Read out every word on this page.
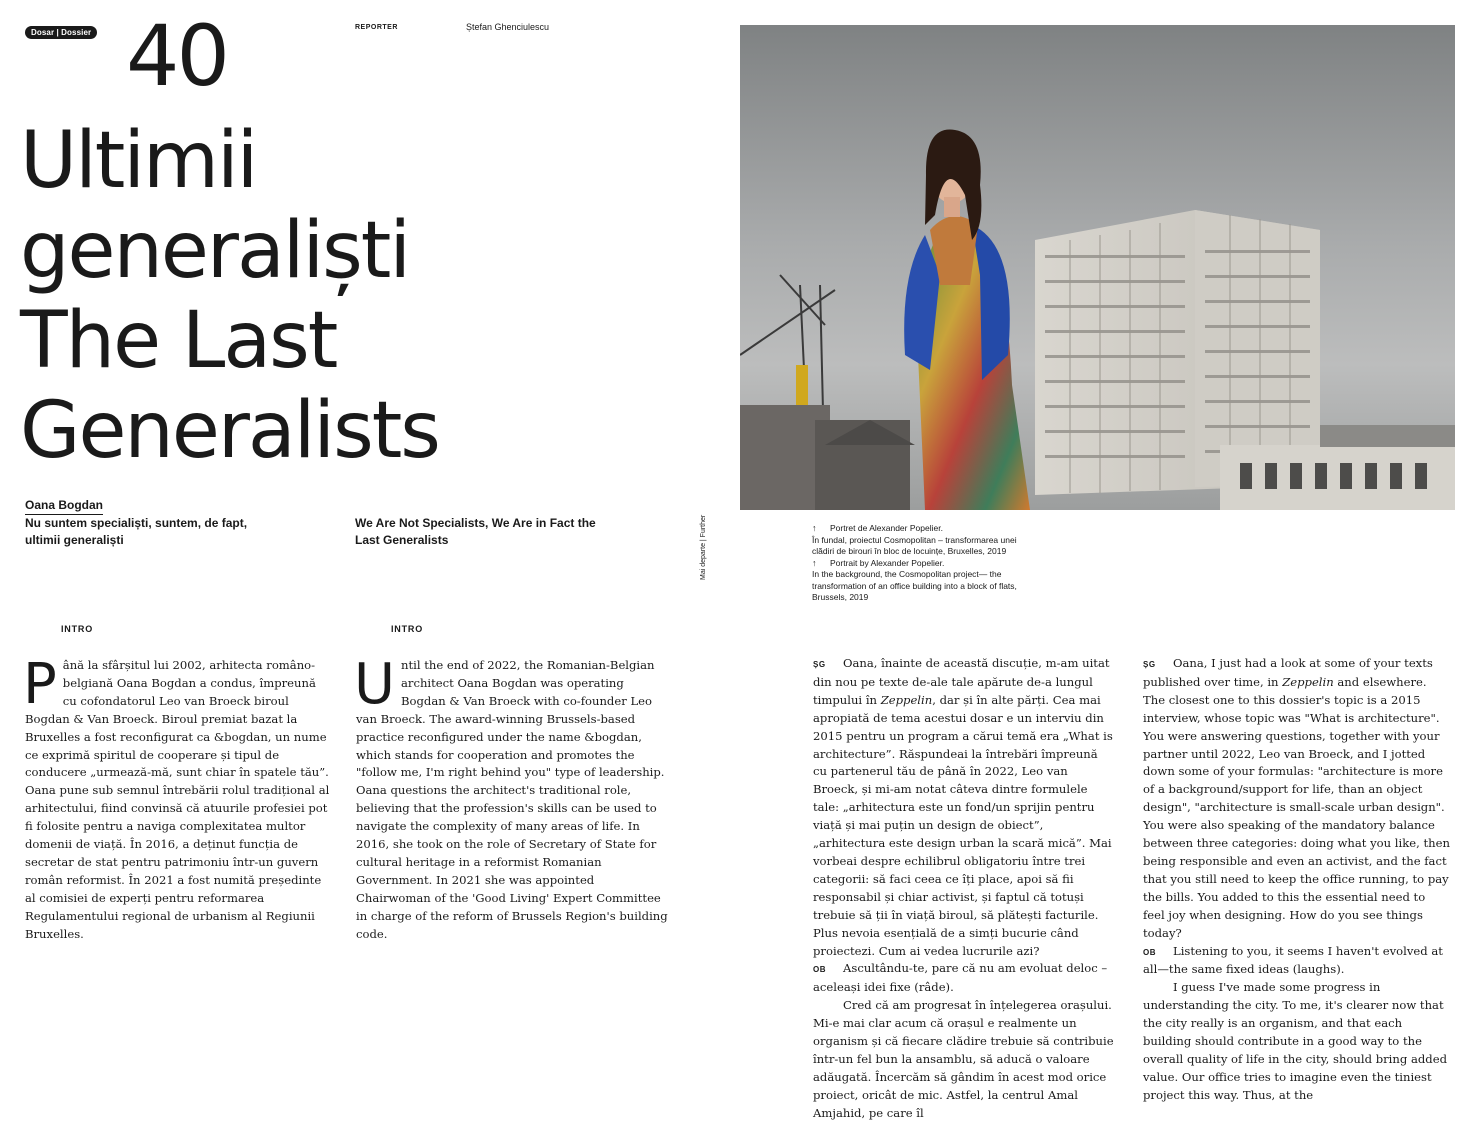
Dosar | Dossier 40	REPORTER	Ștefan Ghenciulescu
Ultimii
generaliști
The Last
Generalists
Oana Bogdan
Nu suntem specialiști, suntem, de fapt, ultimii generaliști
We Are Not Specialists, We Are in Fact the Last Generalists	Mai departe | Further	↑	Portret de Alexander Popelier.
În fundal, proiectul Cosmopolitan – transformarea unei clădiri de birouri în bloc de locuințe, Bruxelles, 2019
↑	Portrait by Alexander Popelier.
In the background, the Cosmopolitan project— the transformation of an office building into a block of flats, Brussels, 2019
INTRO	INTRO

Până la sfârșitul lui 2002, arhitecta româno-belgiană Oana Bogdan a condus, împreună cu cofondatorul Leo van Broeck biroul Bogdan & Van Broeck. Biroul premiat bazat la Bruxelles a fost reconfigurat ca &bogdan, un nume ce exprimă spiritul de cooperare și tipul de conducere „urmează-mă, sunt chiar în spatele tău”. Oana pune sub semnul întrebării rolul tradițional al arhitectului, fiind convinsă că atuurile profesiei pot fi folosite pentru a naviga complexitatea multor domenii de viață. În 2016, a deținut funcția de secretar de stat pentru patrimoniu într-un guvern român reformist. În 2021 a fost numită președinte al comisiei de experți pentru reformarea Regulamentului regional de urbanism al Regiunii Bruxelles.

Until the end of 2022, the Romanian-Belgian architect Oana Bogdan was operating Bogdan & Van Broeck with co-founder Leo van Broeck. The award-winning Brussels-based practice reconfigured under the name &bogdan, which stands for cooperation and promotes the "follow me, I'm right behind you" type of leadership. Oana questions the architect's traditional role, believing that the profession's skills can be used to navigate the complexity of many areas of life. In 2016, she took on the role of Secretary of State for cultural heritage in a reformist Romanian Government. In 2021 she was appointed Chairwoman of the 'Good Living' Expert Committee in charge of the reform of Brussels Region's building code.

ȘG Oana, înainte de această discuție, m-am uitat din nou pe texte de-ale tale apărute de-a lungul timpului în Zeppelin, dar și în alte părți. Cea mai apropiată de tema acestui dosar e un interviu din 2015 pentru un program a cărui temă era „What is architecture”. Răspundeai la întrebări împreună cu partenerul tău de până în 2022, Leo van Broeck, și mi-am notat câteva dintre formulele tale: „arhitectura este un fond/un sprijin pentru viață și mai puțin un design de obiect”, „arhitectura este design urban la scară mică”. Mai vorbeai despre echilibrul obligatoriu între trei categorii: să faci ceea ce îți place, apoi să fii responsabil și chiar activist, și faptul că totuși trebuie să ții în viață biroul, să plătești facturile. Plus nevoia esențială de a simți bucurie când proiectezi. Cum ai vedea lucrurile azi?

OB Ascultându-te, pare că nu am evoluat deloc – aceleași idei fixe (râde).

Cred că am progresat în înțelegerea orașului. Mi-e mai clar acum că orașul e realmente un organism și că fiecare clădire trebuie să contribuie într-un fel bun la ansamblu, să aducă o valoare adăugată. Încercăm să gândim în acest mod orice proiect, oricât de mic. Astfel, la centrul Amal Amjahid, pe care îl

ȘG Oana, I just had a look at some of your texts published over time, in Zeppelin and elsewhere. The closest one to this dossier's topic is a 2015 interview, whose topic was "What is architecture". You were answering questions, together with your partner until 2022, Leo van Broeck, and I jotted down some of your formulas: "architecture is more of a background/support for life, than an object design", "architecture is small-scale urban design". You were also speaking of the mandatory balance between three categories: doing what you like, then being responsible and even an activist, and the fact that you still need to keep the office running, to pay the bills. You added to this the essential need to feel joy when designing. How do you see things today?

OB Listening to you, it seems I haven't evolved at all—the same fixed ideas (laughs).

I guess I've made some progress in understanding the city. To me, it's clearer now that the city really is an organism, and that each building should contribute in a good way to the overall quality of life in the city, should bring added value. Our office tries to imagine even the tiniest project this way. Thus, at the
